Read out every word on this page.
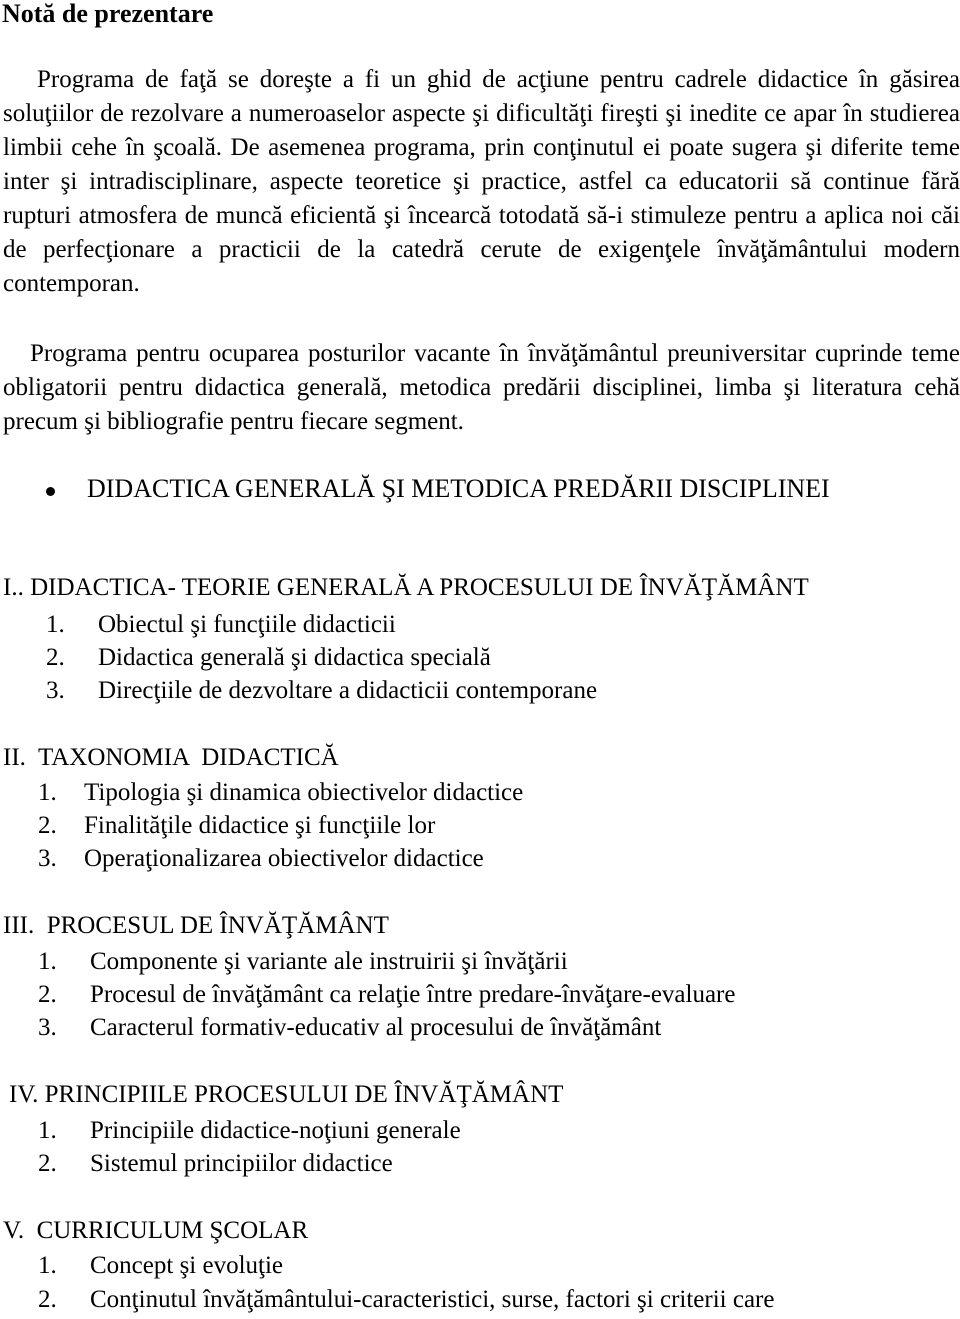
Notă de prezentare

Programa de faţă se doreşte a fi un ghid de acţiune pentru cadrele didactice în găsirea soluţiilor de rezolvare a numeroaselor aspecte şi dificultăţi fireşti şi inedite ce apar în studierea limbii cehe în şcoală. De asemenea programa, prin conţinutul ei poate sugera şi diferite teme inter şi intradisciplinare, aspecte teoretice şi practice, astfel ca educatorii să continue fără rupturi atmosfera de muncă eficientă şi încearcă totodată să-i stimuleze pentru a aplica noi căi de perfecţionare a practicii de la catedră cerute de exigenţele învăţământului modern contemporan.

Programa pentru ocuparea posturilor vacante în învăţământul preuniversitar cuprinde teme obligatorii pentru didactica generală, metodica predării disciplinei, limba şi literatura cehă precum şi bibliografie pentru fiecare segment.

DIDACTICA GENERALĂ ŞI METODICA PREDĂRII DISCIPLINEI

I.. DIDACTICA- TEORIE GENERALĂ A PROCESULUI DE ÎNVĂŢĂMÂNT

1. Obiectul şi funcţiile didacticii

2. Didactica generală şi didactica specială

3. Direcţiile de dezvoltare a didacticii contemporane

II.  TAXONOMIA  DIDACTICĂ

1. Tipologia şi dinamica obiectivelor didactice

2. Finalităţile didactice şi funcţiile lor

3. Operaţionalizarea obiectivelor didactice

III.  PROCESUL DE ÎNVĂŢĂMÂNT

1. Componente şi variante ale instruirii şi învăţării

2. Procesul de învăţământ ca relaţie între predare-învăţare-evaluare

3. Caracterul formativ-educativ al procesului de învăţământ

IV. PRINCIPIILE PROCESULUI DE ÎNVĂŢĂMÂNT

1. Principiile didactice-noţiuni generale

2. Sistemul principiilor didactice

V.  CURRICULUM ŞCOLAR

1. Concept şi evoluţie

2. Conţinutul învăţământului-caracteristici, surse, factori şi criterii care
